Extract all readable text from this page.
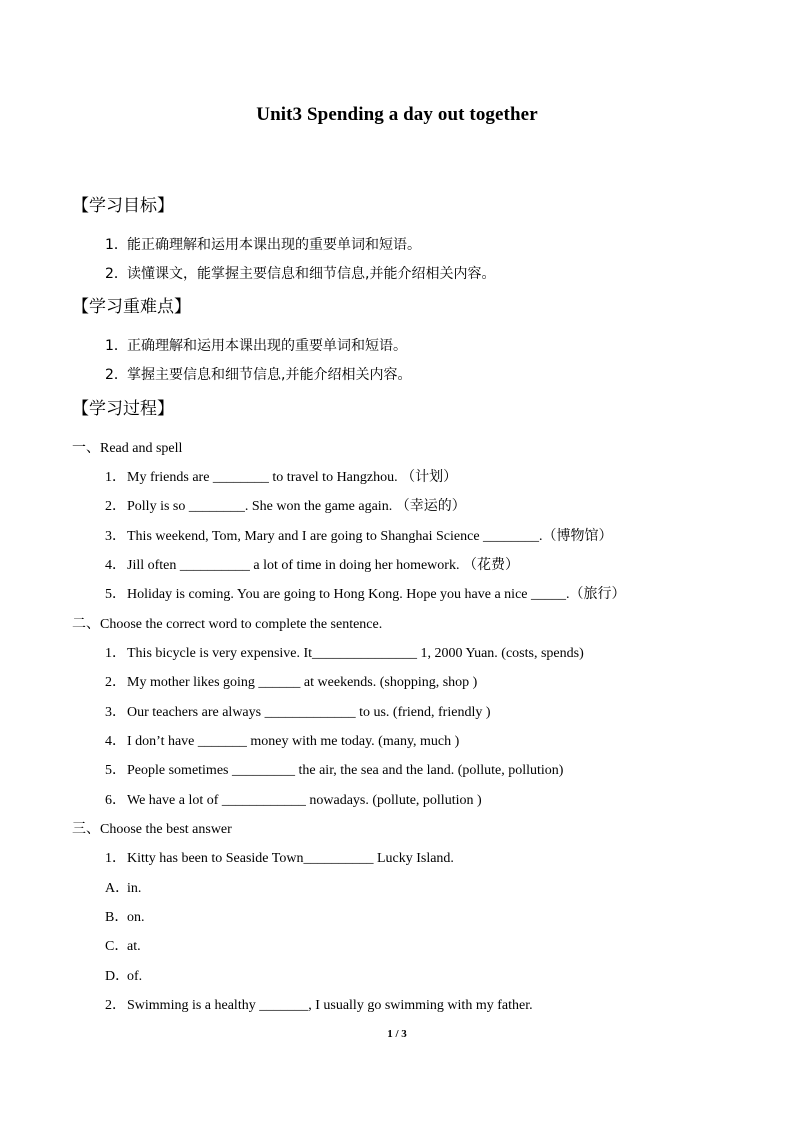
Unit3 Spending a day out together
【学习目标】
1．能正确理解和运用本课出现的重要单词和短语。
2．读懂课文，能掌握主要信息和细节信息,并能介绍相关内容。
【学习重难点】
1．正确理解和运用本课出现的重要单词和短语。
2．掌握主要信息和细节信息,并能介绍相关内容。
【学习过程】
一、Read and spell
1．My friends are ________ to travel to Hangzhou. （计划）
2．Polly is so ________. She won the game again. （幸运的）
3．This weekend, Tom, Mary and I are going to Shanghai Science ________.（博物馆）
4．Jill often __________ a lot of time in doing her homework. （花费）
5．Holiday is coming. You are going to Hong Kong. Hope you have a nice _____.（旅行）
二、Choose the correct word to complete the sentence.
1．This bicycle is very expensive. It_______________ 1, 2000 Yuan. (costs, spends)
2．My mother likes going ______ at weekends. (shopping, shop )
3．Our teachers are always _____________ to us. (friend, friendly )
4．I don’t have _______ money with me today. (many, much )
5．People sometimes _________ the air, the sea and the land. (pollute, pollution)
6．We have a lot of ____________ nowadays. (pollute, pollution )
三、Choose the best answer
1．Kitty has been to Seaside Town__________ Lucky Island.
A．in.
B．on.
C．at.
D．of.
2．Swimming is a healthy _______, I usually go swimming with my father.
1 / 3
